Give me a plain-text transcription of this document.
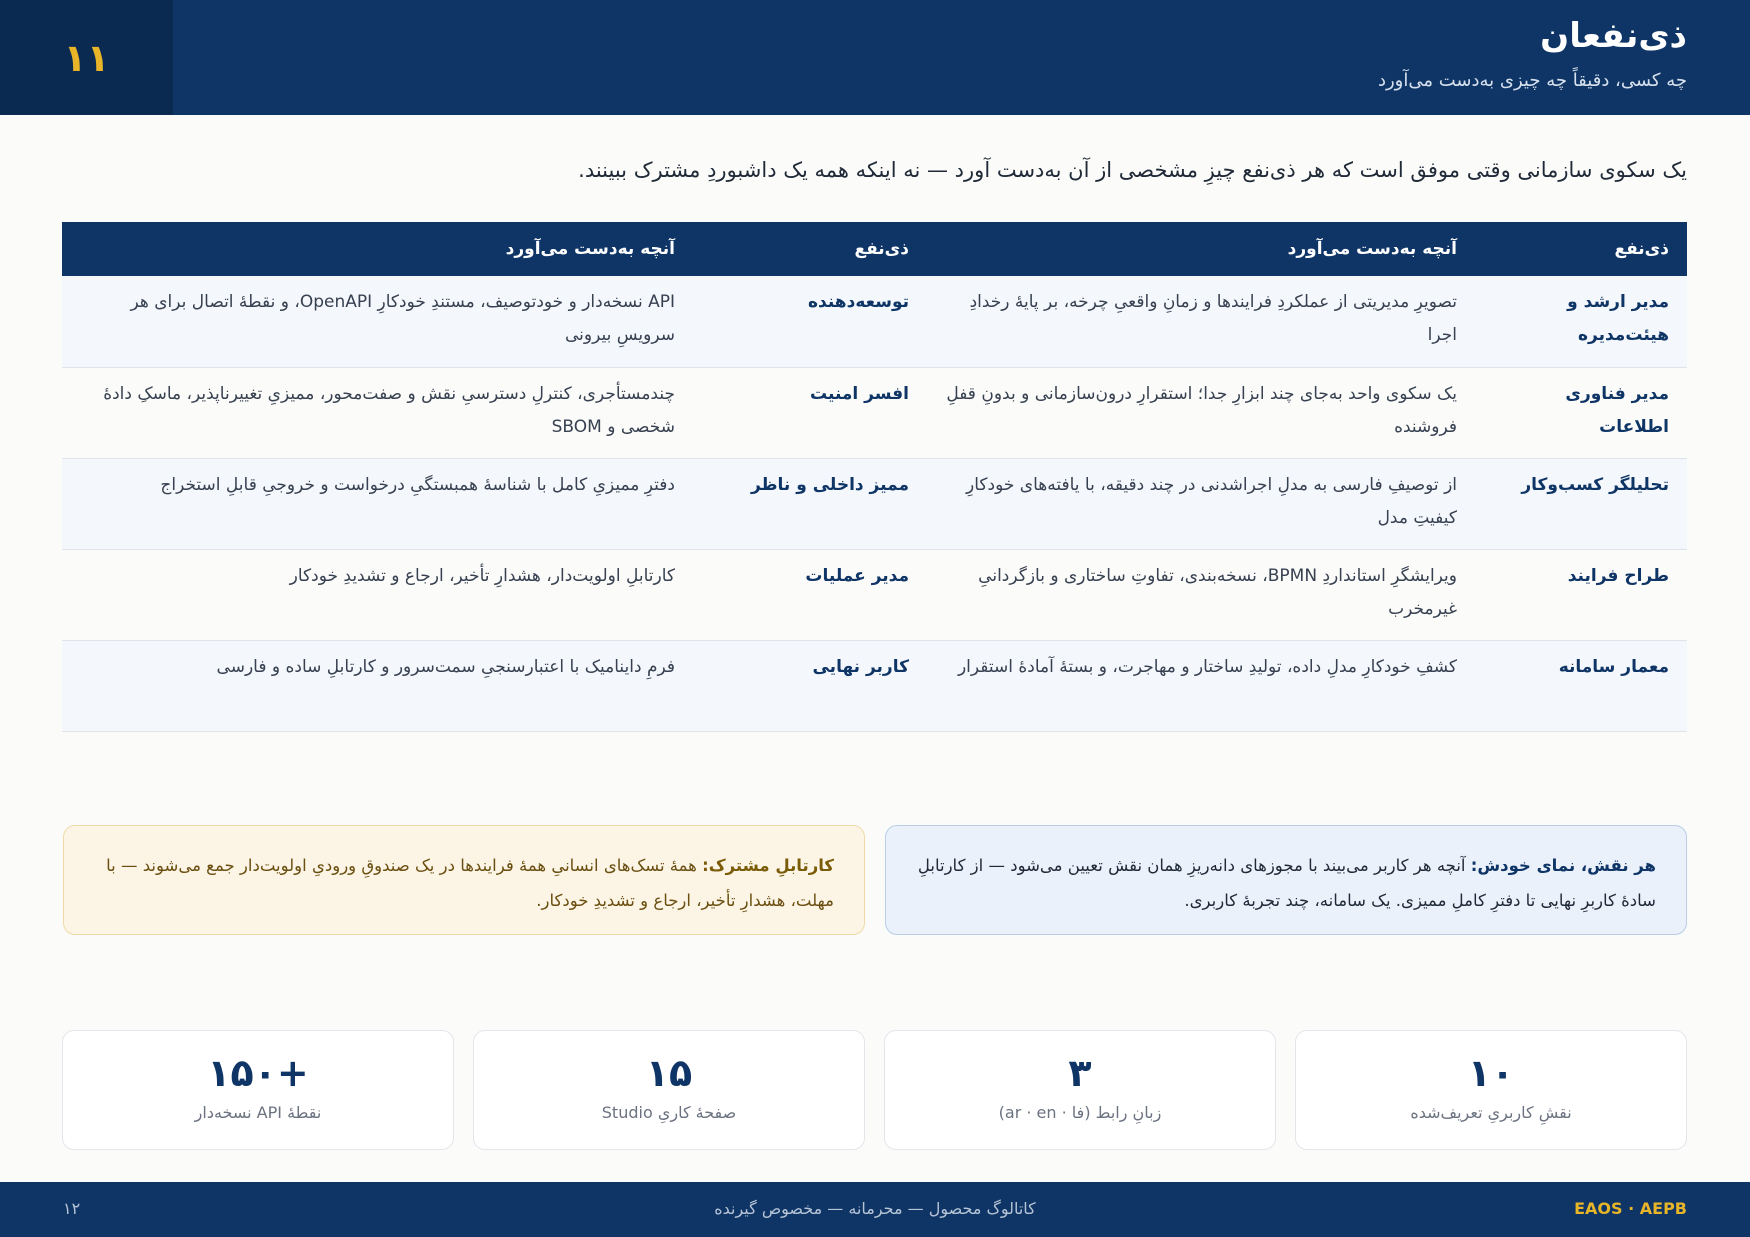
ذی‌نفعان
چه کسی، دقیقاً چه چیزی به‌دست می‌آورد
۱۱

یک سکوی سازمانی وقتی موفق است که هر ذی‌نفع چیزِ مشخصی از آن به‌دست آورد — نه اینکه همه یک داشبوردِ مشترک ببینند.

ذی‌نفع	آنچه به‌دست می‌آورد	ذی‌نفع	آنچه به‌دست می‌آورد
مدیر ارشد و هیئت‌مدیره	تصویرِ مدیریتی از عملکردِ فرایندها و زمانِ واقعیِ چرخه، بر پایهٔ رخدادِ اجرا	توسعه‌دهنده	API نسخه‌دار و خودتوصیف، مستندِ خودکارِ OpenAPI، و نقطهٔ اتصال برای هر سرویسِ بیرونی
مدیر فناوری اطلاعات	یک سکوی واحد به‌جای چند ابزارِ جدا؛ استقرارِ درون‌سازمانی و بدونِ قفلِ فروشنده	افسر امنیت	چندمستأجری، کنترلِ دسترسیِ نقش و صفت‌محور، ممیزیِ تغییرناپذیر، ماسکِ دادهٔ شخصی و SBOM
تحلیلگر کسب‌وکار	از توصیفِ فارسی به مدلِ اجراشدنی در چند دقیقه، با یافته‌های خودکارِ کیفیتِ مدل	ممیز داخلی و ناظر	دفترِ ممیزیِ کامل با شناسهٔ همبستگیِ درخواست و خروجیِ قابلِ استخراج
طراح فرایند	ویرایشگرِ استانداردِ BPMN، نسخه‌بندی، تفاوتِ ساختاری و بازگردانیِ غیرمخرب	مدیر عملیات	کارتابلِ اولویت‌دار، هشدارِ تأخیر، ارجاع و تشدیدِ خودکار
معمار سامانه	کشفِ خودکارِ مدلِ داده، تولیدِ ساختار و مهاجرت، و بستهٔ آمادهٔ استقرار	کاربر نهایی	فرمِ داینامیک با اعتبارسنجیِ سمت‌سرور و کارتابلِ ساده و فارسی
هر نقش، نمای خودش: آنچه هر کاربر می‌بیند با مجوزهای دانه‌ریزِ همان نقش تعیین می‌شود — از کارتابلِ سادهٔ کاربرِ نهایی تا دفترِ کاملِ ممیزی. یک سامانه، چند تجربهٔ کاربری.
کارتابلِ مشترک: همهٔ تسک‌های انسانیِ همهٔ فرایندها در یک صندوقِ ورودیِ اولویت‌دار جمع می‌شوند — با مهلت، هشدارِ تأخیر، ارجاع و تشدیدِ خودکار.
۱۰
نقشِ کاربریِ تعریف‌شده
۳
زبانِ رابط (فا · ar · en)
۱۵
صفحهٔ کاریِ Studio
+۱۵۰
نقطهٔ API نسخه‌دار
EAOS · AEPB
کاتالوگ محصول — محرمانه — مخصوص گیرنده
۱۲
